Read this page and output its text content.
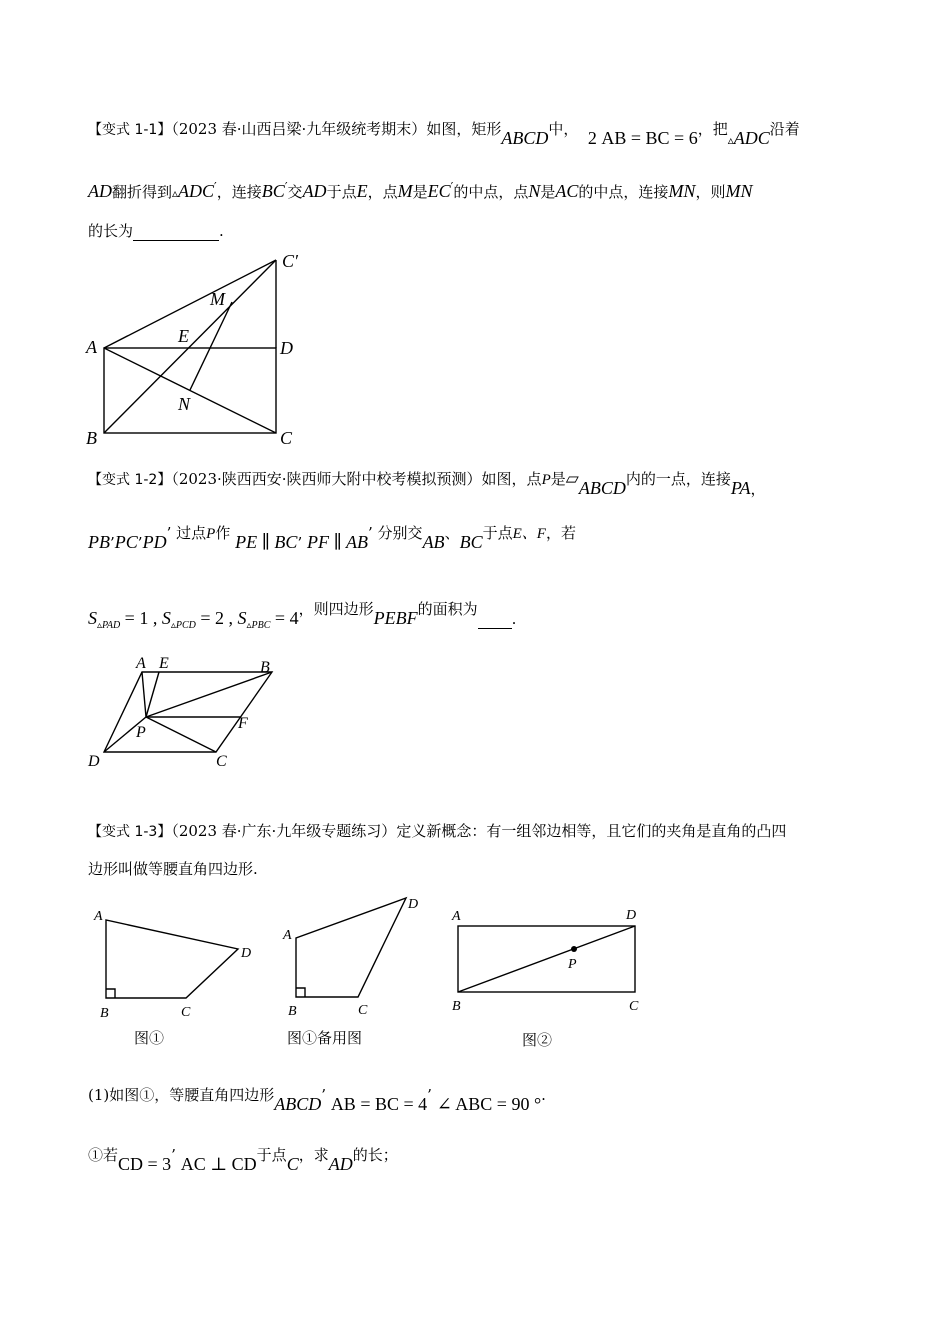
【变式 1-1】（2023 春·山西吕梁·九年级统考期末）如图，矩形ABCD中， 2 AB = BC = 6，把$_▵$ADC沿着
AD翻折得到▵ADC′，连接BC′交AD于点E，点M是EC′的中点，点N是AC的中点，连接MN，则MN
的长为	.
A
B	C
D
E
M
N
C′
【变式 1-2】（2023·陕西西安·陕西师大附中校考模拟预测）如图，点P是▱ABCD内的一点，连接PA，
PB’PC’PD’ 过点P作 PE ∥ BC’ PF ∥ AB’ 分别交AB、BC于点E、F，若
$S_{▵PAD} = 1$ , $S_{▵PCD} = 2$ , $S_{▵PBC} = 4$，则四边形PEBF的面积为.
A E	B
F
P
D	C
【变式 1-3】（2023 春·广东·九年级专题练习）定义新概念：有一组邻边相等，且它们的夹角是直角的凸四
边形叫做等腰直角四边形.
A
B	C
D
图①
A
B	C
D
图①备用图
A	D
P
B	C
图②
(1)如图①，等腰直角四边形ABCD’ AB = BC = 4’ ∠ ABC = 90 °.
①若CD = 3’ AC ⊥ CD于点C，求AD的长；
